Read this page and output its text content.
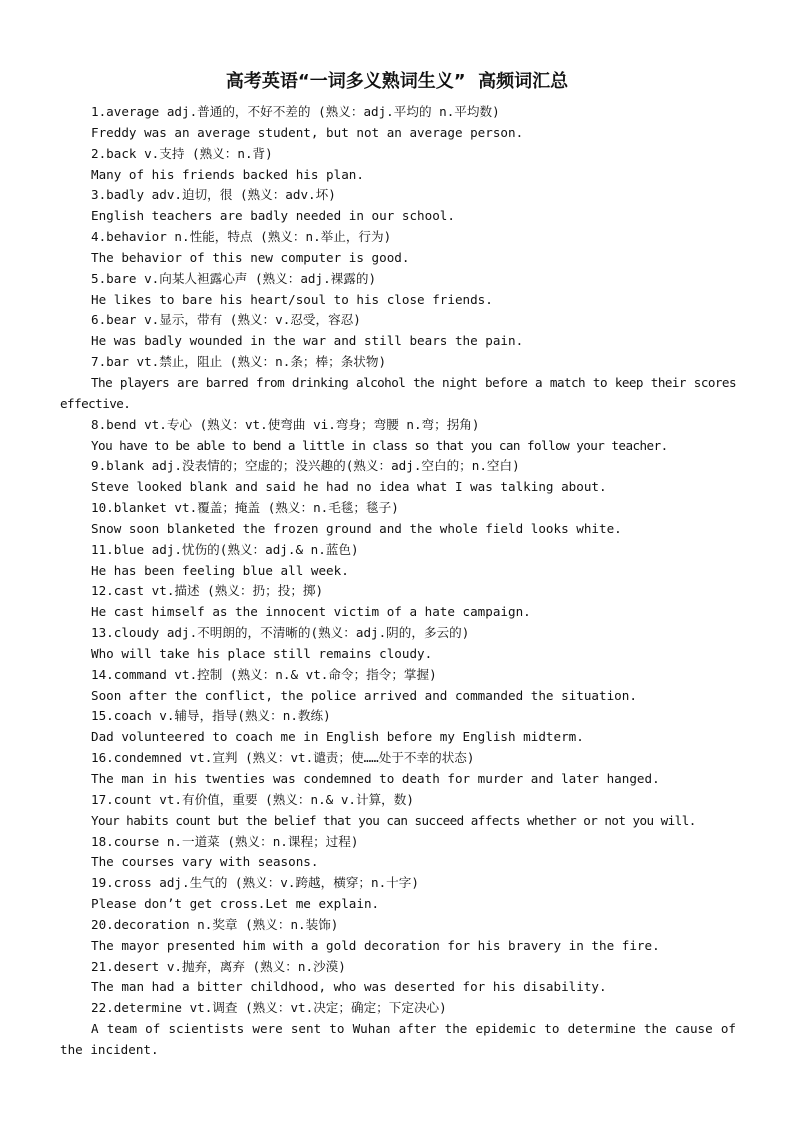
高考英语“一词多义熟词生义”  高频词汇总

1.average adj.普通的，不好不差的 (熟义：adj.平均的 n.平均数)

Freddy was an average student, but not an average person.

2.back v.支持 (熟义：n.背)

Many of his friends backed his plan.

3.badly adv.迫切，很 (熟义：adv.坏)

English teachers are badly needed in our school.

4.behavior n.性能，特点 (熟义：n.举止，行为)

The behavior of this new computer is good.

5.bare v.向某人袒露心声 (熟义：adj.裸露的)

He likes to bare his heart/soul to his close friends.

6.bear v.显示，带有 (熟义：v.忍受，容忍)

He was badly wounded in the war and still bears the pain.

7.bar vt.禁止，阻止 (熟义：n.条；棒；条状物)

The players are barred from drinking alcohol the night before a match to keep their scores effective.

8.bend vt.专心 (熟义：vt.使弯曲 vi.弯身；弯腰 n.弯；拐角)

You have to be able to bend a little in class so that you can follow your teacher.

9.blank adj.没表情的；空虚的；没兴趣的(熟义：adj.空白的；n.空白)

Steve looked blank and said he had no idea what I was talking about.

10.blanket vt.覆盖；掩盖 (熟义：n.毛毯；毯子)

Snow soon blanketed the frozen ground and the whole field looks white.

11.blue adj.忧伤的(熟义：adj.& n.蓝色)

He has been feeling blue all week.

12.cast vt.描述 (熟义：扔；投；掷)

He cast himself as the innocent victim of a hate campaign.

13.cloudy adj.不明朗的，不清晰的(熟义：adj.阴的，多云的)

Who will take his place still remains cloudy.

14.command vt.控制 (熟义：n.& vt.命令；指令；掌握)

Soon after the conflict, the police arrived and commanded the situation.

15.coach v.辅导，指导(熟义：n.教练)

Dad volunteered to coach me in English before my English midterm.

16.condemned vt.宣判 (熟义：vt.谴责；使……处于不幸的状态)

The man in his twenties was condemned to death for murder and later hanged.

17.count vt.有价值，重要 (熟义：n.& v.计算，数)

Your habits count but the belief that you can succeed affects whether or not you will.

18.course n.一道菜 (熟义：n.课程；过程)

The courses vary with seasons.

19.cross adj.生气的 (熟义：v.跨越，横穿；n.十字)

Please don’t get cross.Let me explain.

20.decoration n.奖章 (熟义：n.装饰)

The mayor presented him with a gold decoration for his bravery in the fire.

21.desert v.抛弃，离弃 (熟义：n.沙漠)

The man had a bitter childhood, who was deserted for his disability.

22.determine vt.调查 (熟义：vt.决定；确定；下定决心)

A team of scientists were sent to Wuhan after the epidemic to determine the cause of the incident.
